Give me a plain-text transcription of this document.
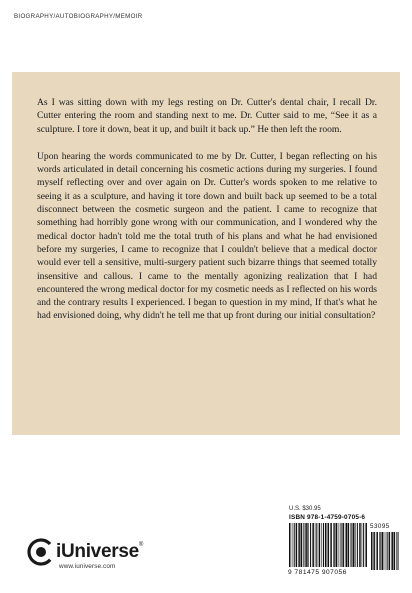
BIOGRAPHY/AUTOBIOGRAPHY/MEMOIR

As I was sitting down with my legs resting on Dr. Cutter's dental chair, I recall Dr. Cutter entering the room and standing next to me. Dr. Cutter said to me, “See it as a sculpture. I tore it down, beat it up, and built it back up.” He then left the room.

Upon hearing the words communicated to me by Dr. Cutter, I began reflecting on his words articulated in detail concerning his cosmetic actions during my surgeries. I found myself reflecting over and over again on Dr. Cutter's words spoken to me relative to seeing it as a sculpture, and having it tore down and built back up seemed to be a total disconnect between the cosmetic surgeon and the patient. I came to recognize that something had horribly gone wrong with our communication, and I wondered why the medical doctor hadn't told me the total truth of his plans and what he had envisioned before my surgeries, I came to recognize that I couldn't believe that a medical doctor would ever tell a sensitive, multi-surgery patient such bizarre things that seemed totally insensitive and callous. I came to the mentally agonizing realization that I had encountered the wrong medical doctor for my cosmetic needs as I reflected on his words and the contrary results I experienced. I began to question in my mind, If that's what he had envisioned doing, why didn't he tell me that up front during our initial consultation?

iUniverse®
www.iuniverse.com
U.S. $30.95
ISBN 978-1-4759-0705-6
9 781475 907056
53095
